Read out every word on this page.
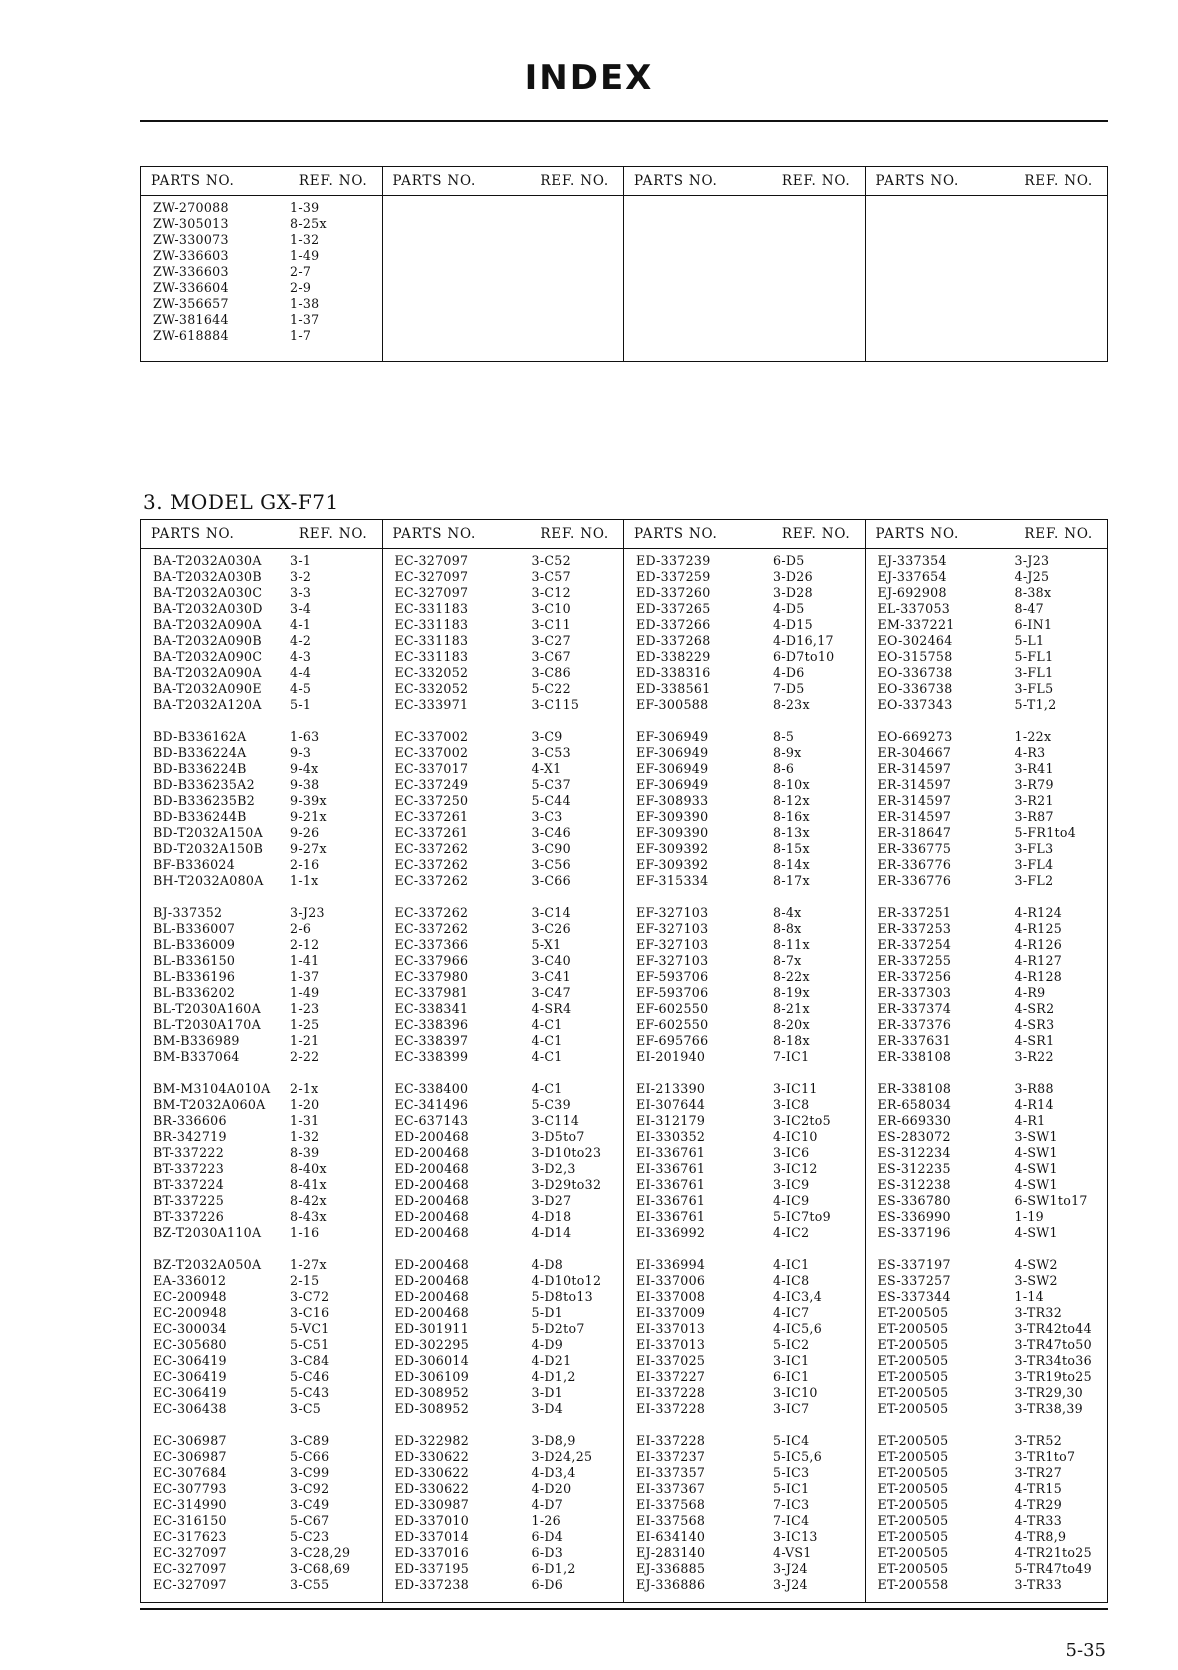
INDEX
PARTS NO.	REF. NO.
ZW-270088	1-39
ZW-305013	8-25x
ZW-330073	1-32
ZW-336603	1-49
ZW-336603	2-7
ZW-336604	2-9
ZW-356657	1-38
ZW-381644	1-37
ZW-618884	1-7
PARTS NO.	REF. NO. PARTS NO.	REF. NO. PARTS NO.	REF. NO.
3. MODEL GX-F71
PARTS NO.	REF. NO.
BA-T2032A030A	3-1
BA-T2032A030B	3-2
BA-T2032A030C	3-3
BA-T2032A030D	3-4
BA-T2032A090A	4-1
BA-T2032A090B	4-2
BA-T2032A090C	4-3
BA-T2032A090A	4-4
BA-T2032A090E	4-5
BA-T2032A120A	5-1
BD-B336162A	1-63
BD-B336224A	9-3
BD-B336224B	9-4x
BD-B336235A2	9-38
BD-B336235B2	9-39x
BD-B336244B	9-21x
BD-T2032A150A	9-26
BD-T2032A150B	9-27x
BF-B336024	2-16
BH-T2032A080A	1-1x
BJ-337352	3-J23
BL-B336007	2-6
BL-B336009	2-12
BL-B336150	1-41
BL-B336196	1-37
BL-B336202	1-49
BL-T2030A160A	1-23
BL-T2030A170A	1-25
BM-B336989	1-21
BM-B337064	2-22
BM-M3104A010A	2-1x
BM-T2032A060A	1-20
BR-336606	1-31
BR-342719	1-32
BT-337222	8-39
BT-337223	8-40x
BT-337224	8-41x
BT-337225	8-42x
BT-337226	8-43x
BZ-T2030A110A	1-16
BZ-T2032A050A	1-27x
EA-336012	2-15
EC-200948	3-C72
EC-200948	3-C16
EC-300034	5-VC1
EC-305680	5-C51
EC-306419	3-C84
EC-306419	5-C46
EC-306419	5-C43
EC-306438	3-C5
EC-306987	3-C89
EC-306987	5-C66
EC-307684	3-C99
EC-307793	3-C92
EC-314990	3-C49
EC-316150	5-C67
EC-317623	5-C23
EC-327097	3-C28,29
EC-327097	3-C68,69
EC-327097	3-C55
PARTS NO.	REF. NO.
EC-327097	3-C52
EC-327097	3-C57
EC-327097	3-C12
EC-331183	3-C10
EC-331183	3-C11
EC-331183	3-C27
EC-331183	3-C67
EC-332052	3-C86
EC-332052	5-C22
EC-333971	3-C115
EC-337002	3-C9
EC-337002	3-C53
EC-337017	4-X1
EC-337249	5-C37
EC-337250	5-C44
EC-337261	3-C3
EC-337261	3-C46
EC-337262	3-C90
EC-337262	3-C56
EC-337262	3-C66
EC-337262	3-C14
EC-337262	3-C26
EC-337366	5-X1
EC-337966	3-C40
EC-337980	3-C41
EC-337981	3-C47
EC-338341	4-SR4
EC-338396	4-C1
EC-338397	4-C1
EC-338399	4-C1
EC-338400	4-C1
EC-341496	5-C39
EC-637143	3-C114
ED-200468	3-D5to7
ED-200468	3-D10to23
ED-200468	3-D2,3
ED-200468	3-D29to32
ED-200468	3-D27
ED-200468	4-D18
ED-200468	4-D14
ED-200468	4-D8
ED-200468	4-D10to12
ED-200468	5-D8to13
ED-200468	5-D1
ED-301911	5-D2to7
ED-302295	4-D9
ED-306014	4-D21
ED-306109	4-D1,2
ED-308952	3-D1
ED-308952	3-D4
ED-322982	3-D8,9
ED-330622	3-D24,25
ED-330622	4-D3,4
ED-330622	4-D20
ED-330987	4-D7
ED-337010	1-26
ED-337014	6-D4
ED-337016	6-D3
ED-337195	6-D1,2
ED-337238	6-D6
PARTS NO.	REF. NO.
ED-337239	6-D5
ED-337259	3-D26
ED-337260	3-D28
ED-337265	4-D5
ED-337266	4-D15
ED-337268	4-D16,17
ED-338229	6-D7to10
ED-338316	4-D6
ED-338561	7-D5
EF-300588	8-23x
EF-306949	8-5
EF-306949	8-9x
EF-306949	8-6
EF-306949	8-10x
EF-308933	8-12x
EF-309390	8-16x
EF-309390	8-13x
EF-309392	8-15x
EF-309392	8-14x
EF-315334	8-17x
EF-327103	8-4x
EF-327103	8-8x
EF-327103	8-11x
EF-327103	8-7x
EF-593706	8-22x
EF-593706	8-19x
EF-602550	8-21x
EF-602550	8-20x
EF-695766	8-18x
EI-201940	7-IC1
EI-213390	3-IC11
EI-307644	3-IC8
EI-312179	3-IC2to5
EI-330352	4-IC10
EI-336761	3-IC6
EI-336761	3-IC12
EI-336761	3-IC9
EI-336761	4-IC9
EI-336761	5-IC7to9
EI-336992	4-IC2
EI-336994	4-IC1
EI-337006	4-IC8
EI-337008	4-IC3,4
EI-337009	4-IC7
EI-337013	4-IC5,6
EI-337013	5-IC2
EI-337025	3-IC1
EI-337227	6-IC1
EI-337228	3-IC10
EI-337228	3-IC7
EI-337228	5-IC4
EI-337237	5-IC5,6
EI-337357	5-IC3
EI-337367	5-IC1
EI-337568	7-IC3
EI-337568	7-IC4
EI-634140	3-IC13
EJ-283140	4-VS1
EJ-336885	3-J24
EJ-336886	3-J24
PARTS NO.	REF. NO.
EJ-337354	3-J23
EJ-337654	4-J25
EJ-692908	8-38x
EL-337053	8-47
EM-337221	6-IN1
EO-302464	5-L1
EO-315758	5-FL1
EO-336738	3-FL1
EO-336738	3-FL5
EO-337343	5-T1,2
EO-669273	1-22x
ER-304667	4-R3
ER-314597	3-R41
ER-314597	3-R79
ER-314597	3-R21
ER-314597	3-R87
ER-318647	5-FR1to4
ER-336775	3-FL3
ER-336776	3-FL4
ER-336776	3-FL2
ER-337251	4-R124
ER-337253	4-R125
ER-337254	4-R126
ER-337255	4-R127
ER-337256	4-R128
ER-337303	4-R9
ER-337374	4-SR2
ER-337376	4-SR3
ER-337631	4-SR1
ER-338108	3-R22
ER-338108	3-R88
ER-658034	4-R14
ER-669330	4-R1
ES-283072	3-SW1
ES-312234	4-SW1
ES-312235	4-SW1
ES-312238	4-SW1
ES-336780	6-SW1to17
ES-336990	1-19
ES-337196	4-SW1
ES-337197	4-SW2
ES-337257	3-SW2
ES-337344	1-14
ET-200505	3-TR32
ET-200505	3-TR42to44
ET-200505	3-TR47to50
ET-200505	3-TR34to36
ET-200505	3-TR19to25
ET-200505	3-TR29,30
ET-200505	3-TR38,39
ET-200505	3-TR52
ET-200505	3-TR1to7
ET-200505	3-TR27
ET-200505	4-TR15
ET-200505	4-TR29
ET-200505	4-TR33
ET-200505	4-TR8,9
ET-200505	4-TR21to25
ET-200505	5-TR47to49
ET-200558	3-TR33
5-35
